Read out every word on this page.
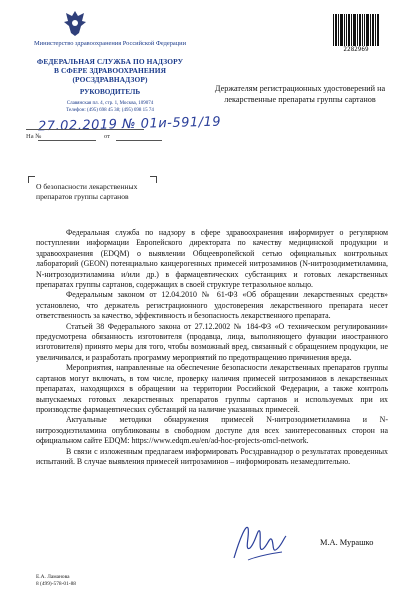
Министерство здравоохранения Российской Федерации
ФЕДЕРАЛЬНАЯ СЛУЖБА ПО НАДЗОРУ
В СФЕРЕ ЗДРАВООХРАНЕНИЯ
(РОСЗДРАВНАДЗОР)
РУКОВОДИТЕЛЬ
Славянская пл. 4, стр. 1, Москва, 109074
Телефон: (495) 698 45 38; (495) 698 15 74
27.02.2019 № 01и-591/19
На №	от
2282969
Держателям регистрационных удостоверений на лекарственные препараты группы сартанов
О безопасности лекарственных
препаратов группы сартанов

Федеральная служба по надзору в сфере здравоохранения информирует о регулярном поступлении информации Европейского директората по качеству медицинской продукции и здравоохранения (EDQM) о выявлении Общеевропейской сетью официальных контрольных лабораторий (GEON) потенциально канцерогенных примесей нитрозаминов (N-нитрозодиметиламина, N-нитрозодиэтиламина и/или др.) в фармацевтических субстанциях и готовых лекарственных препаратах группы сартанов, содержащих в своей структуре тетразольное кольцо.

Федеральным законом от 12.04.2010 № 61-ФЗ «Об обращении лекарственных средств» установлено, что держатель регистрационного удостоверения лекарственного препарата несет ответственность за качество, эффективность и безопасность лекарственного препарата.

Статьей 38 Федерального закона от 27.12.2002 № 184-ФЗ «О техническом регулировании» предусмотрена обязанность изготовителя (продавца, лица, выполняющего функции иностранного изготовителя) принято меры для того, чтобы возможный вред, связанный с обращением продукции, не увеличивался, и разработать программу мероприятий по предотвращению причинения вреда.

Мероприятия, направленные на обеспечение безопасности лекарственных препаратов группы сартанов могут включать, в том числе, проверку наличия примесей нитрозаминов в лекарственных препаратах, находящихся в обращении на территории Российской Федерации, а также контроль выпускаемых готовых лекарственных препаратов группы сартанов и используемых при их производстве фармацевтических субстанций на наличие указанных примесей.

Актуальные методики обнаружения примесей N-нитрозодиметиламина и N-нитрозодиэтиламина опубликованы в свободном доступе для всех заинтересованных сторон на официальном сайте EDQM: https://www.edqm.eu/en/ad-hoc-projects-omcl-network.

В связи с изложенным предлагаем информировать Росздравнадзор о результатах проведенных испытаний. В случае выявления примесей нитрозаминов – информировать незамедлительно.

М.А. Мурашко
Е.А. Ламанова
8 (499)-578-01-88
